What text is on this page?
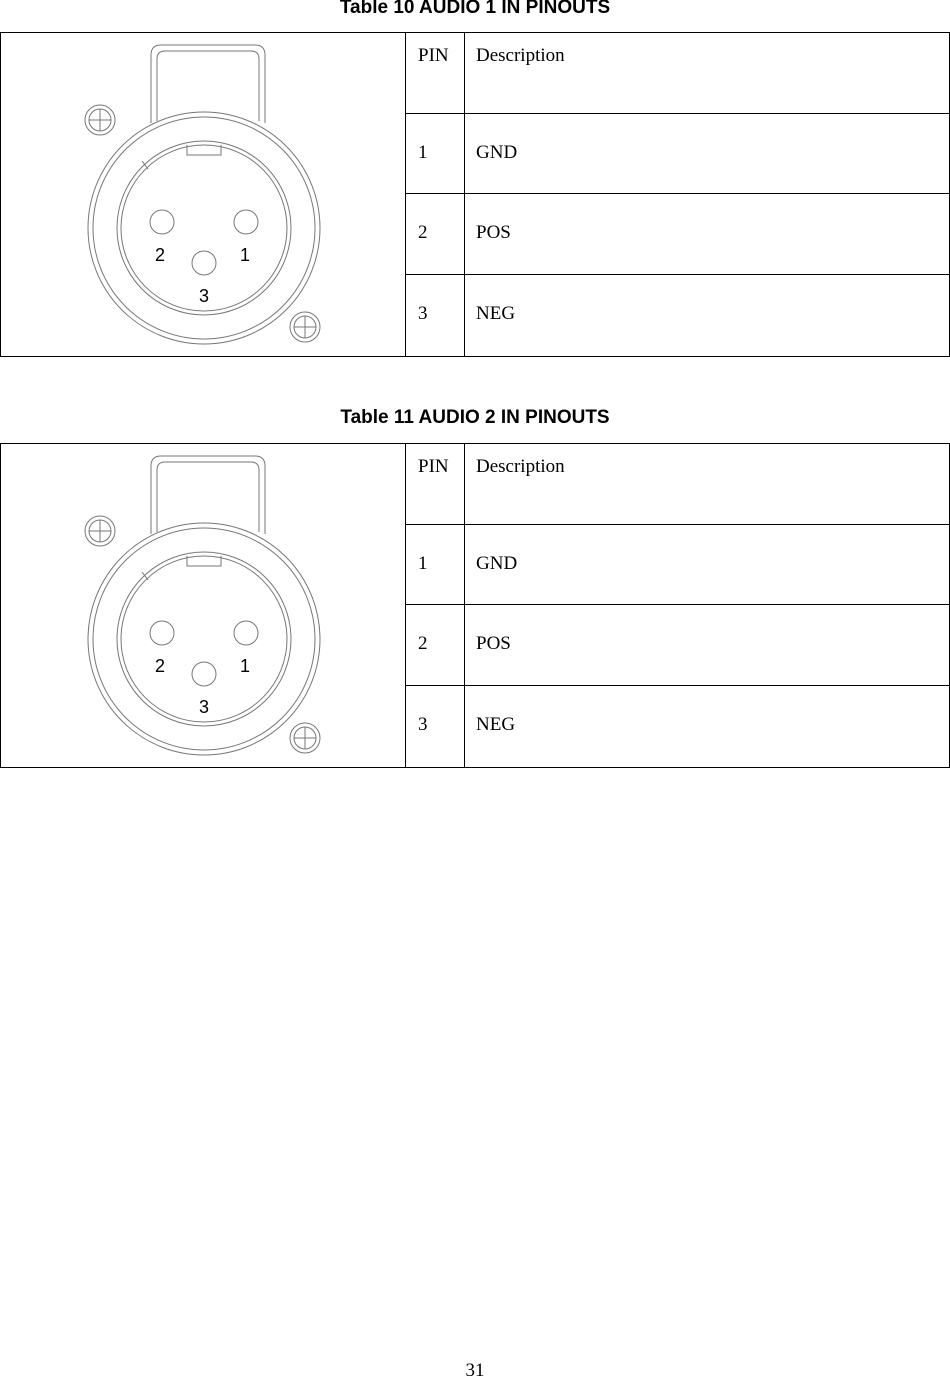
Table 10 AUDIO 1 IN PINOUTS
2 1
3	PIN	Description

	1	GND

	2	POS

	3	NEG
Table 11 AUDIO 2 IN PINOUTS
2 1
3	PIN	Description

	1	GND

	2	POS

	3	NEG
31
